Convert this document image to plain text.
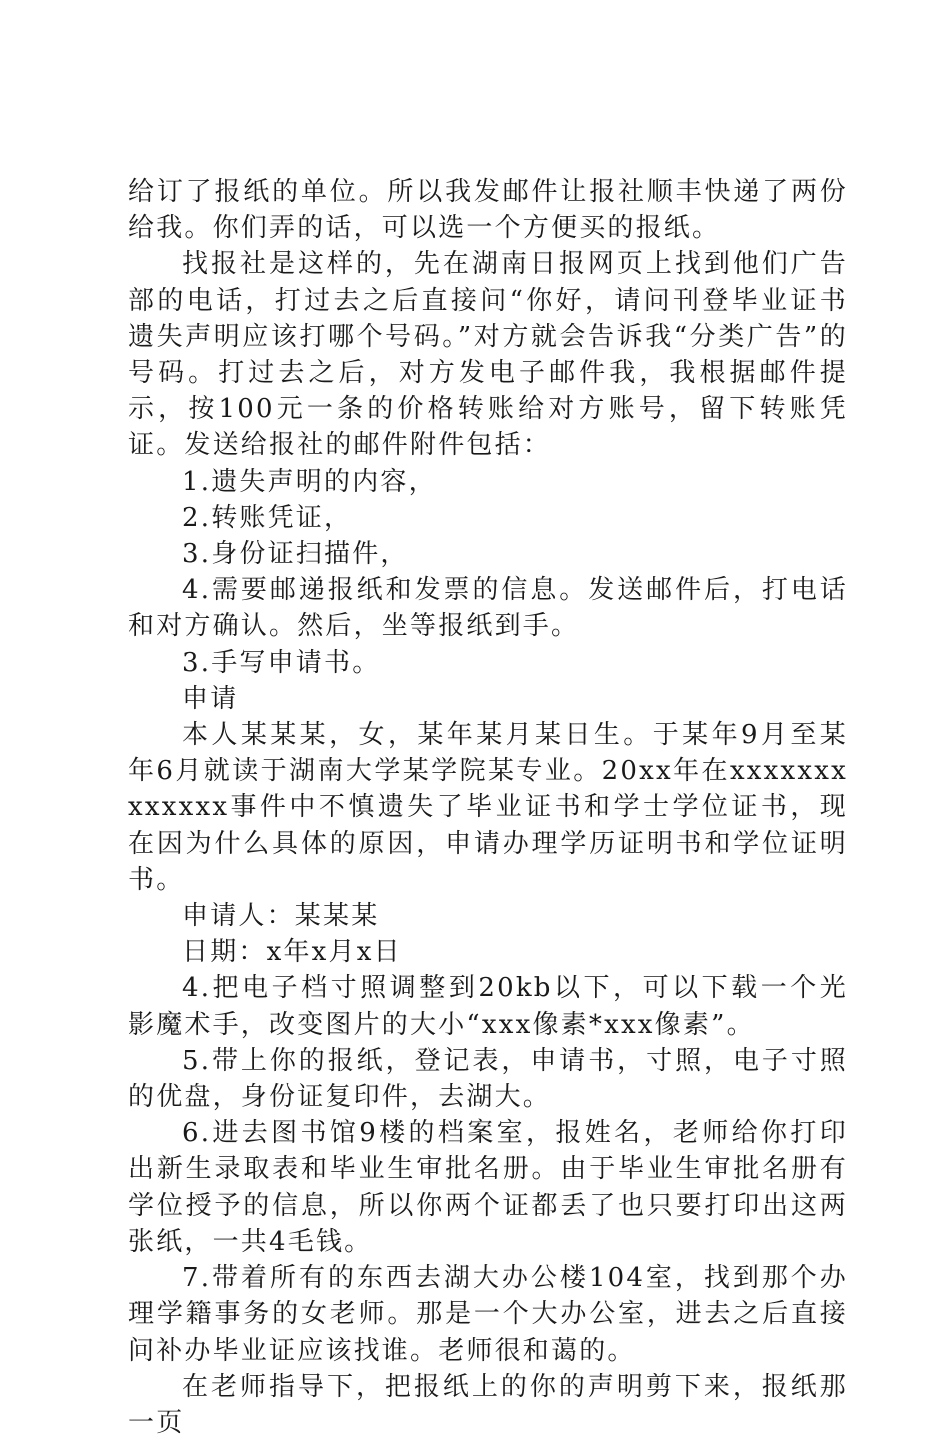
给订了报纸的单位。所以我发邮件让报社顺丰快递了两份给我。你们弄的话，可以选一个方便买的报纸。

找报社是这样的，先在湖南日报网页上找到他们广告部的电话，打过去之后直接问“你好，请问刊登毕业证书遗失声明应该打哪个号码。”对方就会告诉我“分类广告”的号码。打过去之后，对方发电子邮件我，我根据邮件提示，按100元一条的价格转账给对方账号，留下转账凭证。发送给报社的邮件附件包括：

1.遗失声明的内容，

2.转账凭证，

3.身份证扫描件，

4.需要邮递报纸和发票的信息。发送邮件后，打电话和对方确认。然后，坐等报纸到手。

3.手写申请书。

申请

本人某某某，女，某年某月某日生。于某年9月至某年6月就读于湖南大学某学院某专业。20xx年在xxxxxxxxxxxxx事件中不慎遗失了毕业证书和学士学位证书，现在因为什么具体的原因，申请办理学历证明书和学位证明书。

申请人：某某某

日期：x年x月x日

4.把电子档寸照调整到20kb以下，可以下载一个光影魔术手，改变图片的大小“xxx像素*xxx像素”。

5.带上你的报纸，登记表，申请书，寸照，电子寸照的优盘，身份证复印件，去湖大。

6.进去图书馆9楼的档案室，报姓名，老师给你打印出新生录取表和毕业生审批名册。由于毕业生审批名册有学位授予的信息，所以你两个证都丢了也只要打印出这两张纸，一共4毛钱。

7.带着所有的东西去湖大办公楼104室，找到那个办理学籍事务的女老师。那是一个大办公室，进去之后直接问补办毕业证应该找谁。老师很和蔼的。

在老师指导下，把报纸上的你的声明剪下来，报纸那一页
